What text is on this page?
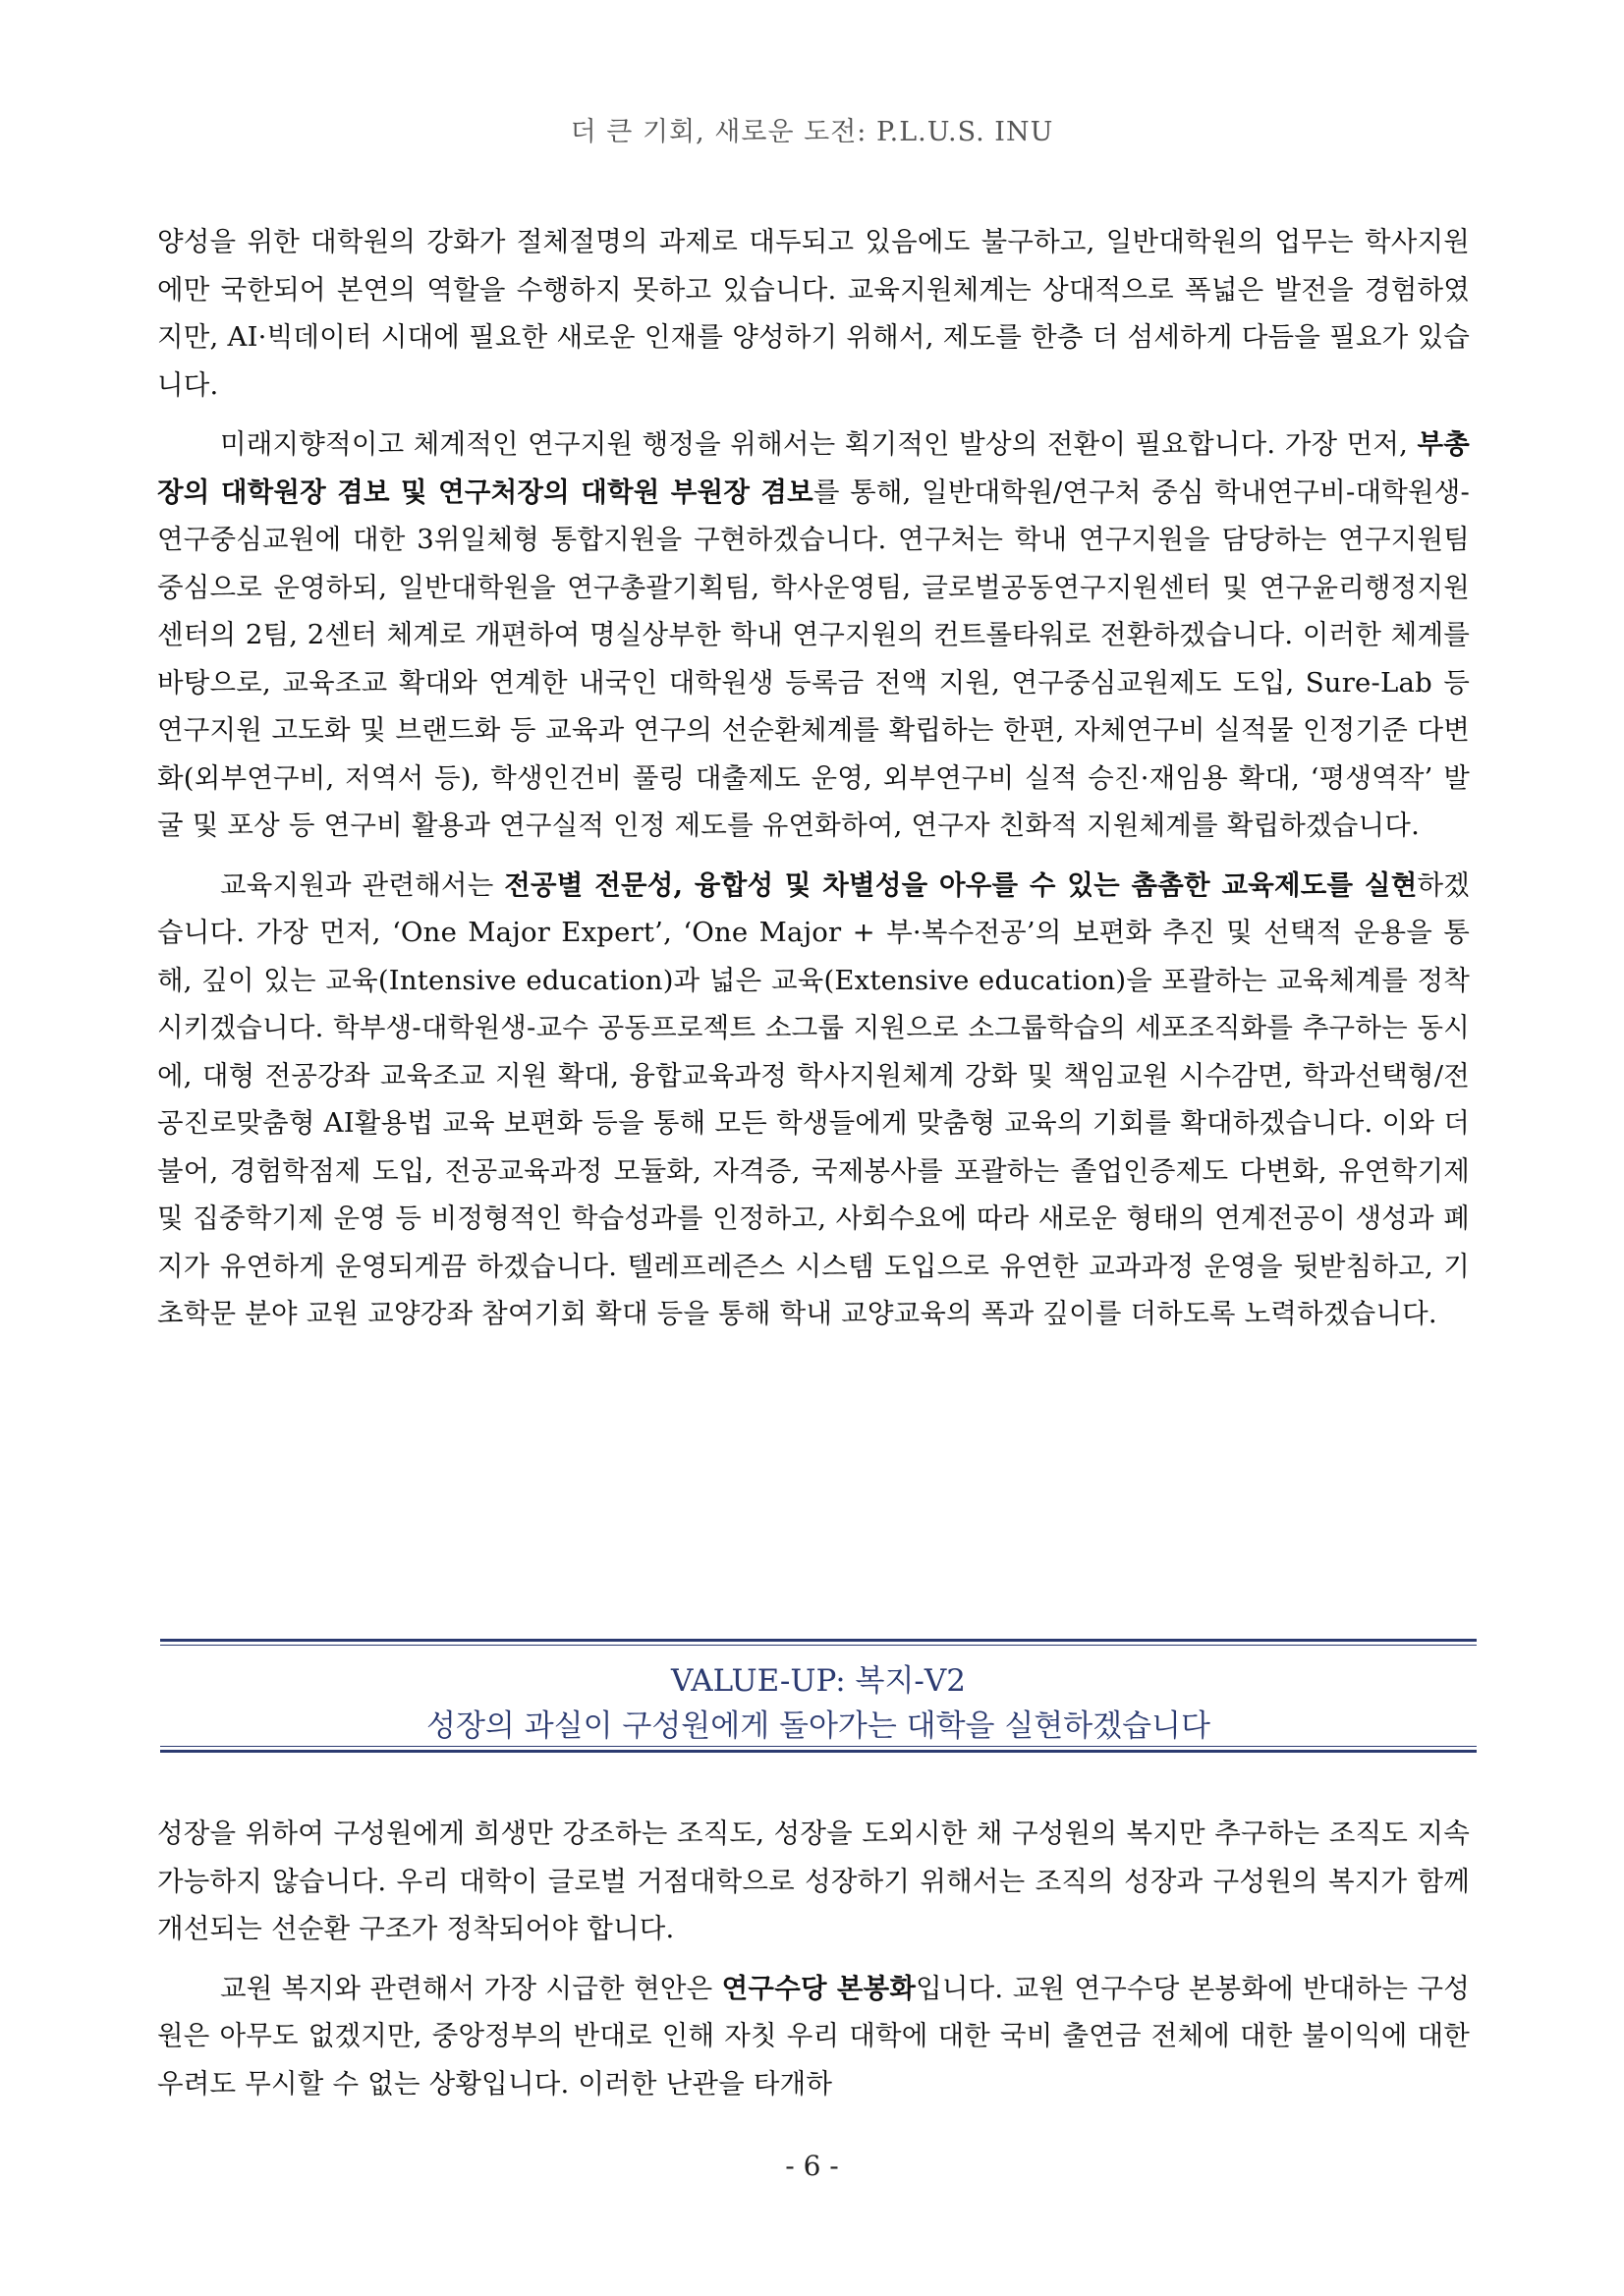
더 큰 기회, 새로운 도전: P.L.U.S. INU

양성을 위한 대학원의 강화가 절체절명의 과제로 대두되고 있음에도 불구하고, 일반대학원의 업무는 학사지원에만 국한되어 본연의 역할을 수행하지 못하고 있습니다. 교육지원체계는 상대적으로 폭넓은 발전을 경험하였지만, AI·빅데이터 시대에 필요한 새로운 인재를 양성하기 위해서, 제도를 한층 더 섬세하게 다듬을 필요가 있습니다.

미래지향적이고 체계적인 연구지원 행정을 위해서는 획기적인 발상의 전환이 필요합니다. 가장 먼저, 부총장의 대학원장 겸보 및 연구처장의 대학원 부원장 겸보를 통해, 일반대학원/연구처 중심 학내연구비-대학원생-연구중심교원에 대한 3위일체형 통합지원을 구현하겠습니다. 연구처는 학내 연구지원을 담당하는 연구지원팀 중심으로 운영하되, 일반대학원을 연구총괄기획팀, 학사운영팀, 글로벌공동연구지원센터 및 연구윤리행정지원센터의 2팀, 2센터 체계로 개편하여 명실상부한 학내 연구지원의 컨트롤타워로 전환하겠습니다. 이러한 체계를 바탕으로, 교육조교 확대와 연계한 내국인 대학원생 등록금 전액 지원, 연구중심교원제도 도입, Sure-Lab 등 연구지원 고도화 및 브랜드화 등 교육과 연구의 선순환체계를 확립하는 한편, 자체연구비 실적물 인정기준 다변화(외부연구비, 저역서 등), 학생인건비 풀링 대출제도 운영, 외부연구비 실적 승진·재임용 확대, ‘평생역작’ 발굴 및 포상 등 연구비 활용과 연구실적 인정 제도를 유연화하여, 연구자 친화적 지원체계를 확립하겠습니다.

교육지원과 관련해서는 전공별 전문성, 융합성 및 차별성을 아우를 수 있는 촘촘한 교육제도를 실현하겠습니다. 가장 먼저, ‘One Major Expert’, ‘One Major + 부·복수전공’의 보편화 추진 및 선택적 운용을 통해, 깊이 있는 교육(Intensive education)과 넓은 교육(Extensive education)을 포괄하는 교육체계를 정착시키겠습니다. 학부생-대학원생-교수 공동프로젝트 소그룹 지원으로 소그룹학습의 세포조직화를 추구하는 동시에, 대형 전공강좌 교육조교 지원 확대, 융합교육과정 학사지원체계 강화 및 책임교원 시수감면, 학과선택형/전공진로맞춤형 AI활용법 교육 보편화 등을 통해 모든 학생들에게 맞춤형 교육의 기회를 확대하겠습니다. 이와 더불어, 경험학점제 도입, 전공교육과정 모듈화, 자격증, 국제봉사를 포괄하는 졸업인증제도 다변화, 유연학기제 및 집중학기제 운영 등 비정형적인 학습성과를 인정하고, 사회수요에 따라 새로운 형태의 연계전공이 생성과 폐지가 유연하게 운영되게끔 하겠습니다. 텔레프레즌스 시스템 도입으로 유연한 교과과정 운영을 뒷받침하고, 기초학문 분야 교원 교양강좌 참여기회 확대 등을 통해 학내 교양교육의 폭과 깊이를 더하도록 노력하겠습니다.

VALUE-UP: 복지-V2
성장의 과실이 구성원에게 돌아가는 대학을 실현하겠습니다

성장을 위하여 구성원에게 희생만 강조하는 조직도, 성장을 도외시한 채 구성원의 복지만 추구하는 조직도 지속 가능하지 않습니다. 우리 대학이 글로벌 거점대학으로 성장하기 위해서는 조직의 성장과 구성원의 복지가 함께 개선되는 선순환 구조가 정착되어야 합니다.

교원 복지와 관련해서 가장 시급한 현안은 연구수당 본봉화입니다. 교원 연구수당 본봉화에 반대하는 구성원은 아무도 없겠지만, 중앙정부의 반대로 인해 자칫 우리 대학에 대한 국비 출연금 전체에 대한 불이익에 대한 우려도 무시할 수 없는 상황입니다. 이러한 난관을 타개하

- 6 -
